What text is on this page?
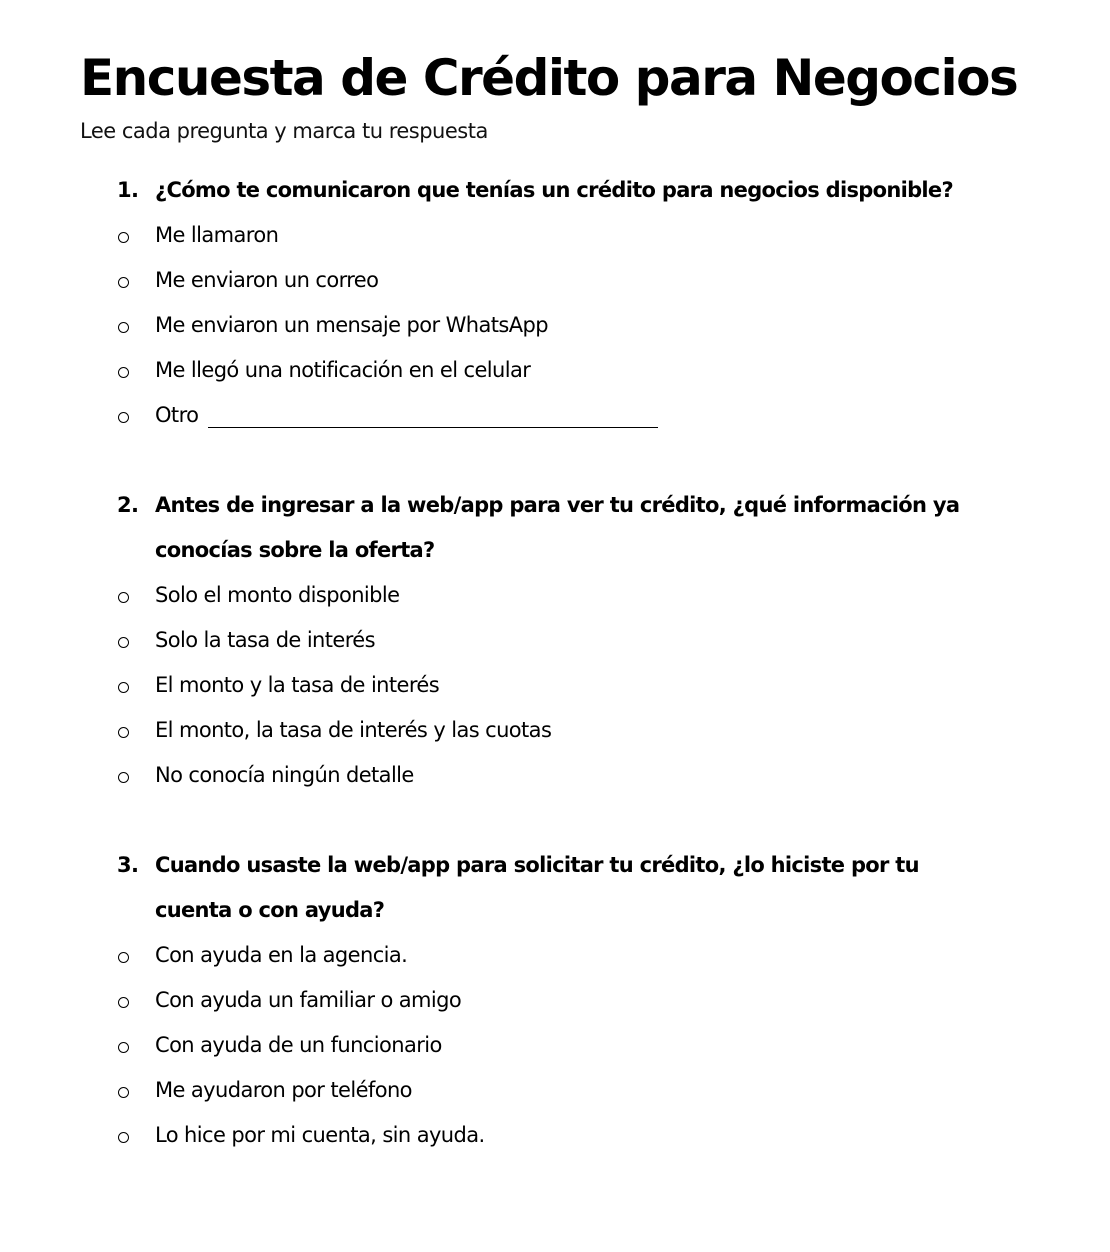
Encuesta de Crédito para Negocios

Lee cada pregunta y marca tu respuesta

1. ¿Cómo te comunicaron que tenías un crédito para negocios disponible?
Me llamaron
Me enviaron un correo
Me enviaron un mensaje por WhatsApp
Me llegó una notificación en el celular
Otro
2. Antes de ingresar a la web/app para ver tu crédito, ¿qué información ya conocías sobre la oferta?
Solo el monto disponible
Solo la tasa de interés
El monto y la tasa de interés
El monto, la tasa de interés y las cuotas
No conocía ningún detalle
3. Cuando usaste la web/app para solicitar tu crédito, ¿lo hiciste por tu cuenta o con ayuda?
Con ayuda en la agencia.
Con ayuda un familiar o amigo
Con ayuda de un funcionario
Me ayudaron por teléfono
Lo hice por mi cuenta, sin ayuda.
